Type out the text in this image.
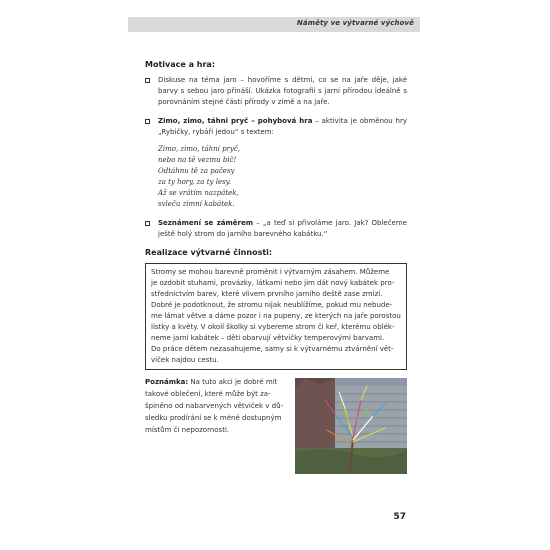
Náměty ve výtvarné výchově
Motivace a hra:
Diskuse na téma jaro – hovoříme s dětmi, co se na jaře děje, jaké barvy s sebou jaro přináší. Ukázka fotografií s jarní přírodou ideálně s porovnáním stejné části přírody v zimě a na jaře.
Zimo, zimo, táhni pryč – pohybová hra – aktivita je obměnou hry „Rybičky, rybáři jedou“ s textem:
Zimo, zimo, táhni pryč,
nebo na tě vezmu bič!
Odtáhnu tě za pačesy
za ty hory, za ty lesy.
Až se vrátím nazpátek,
svleču zimní kabátek.
Seznámení se záměrem – „a teď si přivoláme jaro. Jak? Oblečeme ještě holý strom do jarního barevného kabátku.“
Realizace výtvarné činnosti:
Stromy se mohou barevně proměnit i výtvarným zásahem. Můžeme
je ozdobit stuhami, provázky, látkami nebo jim dát nový kabátek pro-
střednictvím barev, které vlivem prvního jarního deště zase zmizí.
Dobré je podotknout, že stromu nijak neublížíme, pokud mu nebude-
me lámat větve a dáme pozor i na pupeny, ze kterých na jaře porostou
lístky a květy. V okolí školky si vybereme strom či keř, kterému oblék-
neme jarní kabátek – děti obarvují větvičky temperovými barvami.
Do práce dětem nezasahujeme, samy si k výtvarnému ztvárnění vět-
viček najdou cestu.
Poznámka: Na tuto akci je dobré mít
takové oblečení, které může být za-
špiněno od nabarvených větviček v dů-
sledku prodírání se k méně dostupným
místům či nepozornosti.
57
